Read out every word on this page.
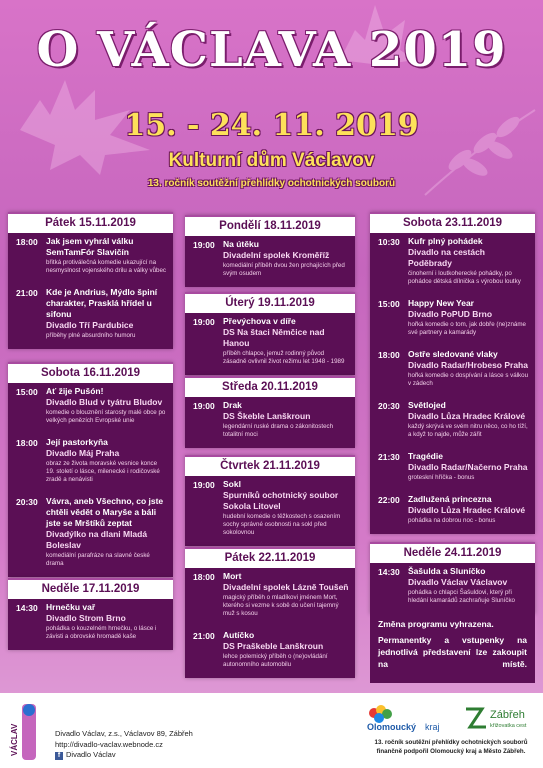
O VÁCLAVA 2019
15. - 24. 11. 2019
Kulturní dům Václavov
13. ročník soutěžní přehlídky ochotnických souborů
Pátek 15.11.2019
18:00 Jak jsem vyhrál válku SemTamFór Slavičín
břitká protiválečná komedie ukazující na nesmyslnost vojenského drilu a války vůbec
21:00 Kde je Andrius, Mýdlo špiní charakter, Prasklá hřídel u sifonu
Divadlo Tří Pardubice
příběhy plné absurdního humoru
Sobota 16.11.2019
15:00 Ať žije Pušón!
Divadlo Blud v tyátru Bludov
komedie o blouznění starosty malé obce po velkých penězích Evropské unie
18:00 Její pastorkyňa
Divadlo Máj Praha
obraz ze života moravské vesnice konce 19. století o lásce, milenecké i rodičovské zradě a nenávisti
20:30 Vávra, aneb Všechno, co jste chtěli vědět o Maryše a báli jste se Mrštíků zeptat
Divadýlko na dlani Mladá Boleslav
komediální parafráze na slavné české drama
Neděle 17.11.2019
14:30 Hrnečku vař
Divadlo Strom Brno
pohádka o kouzelném hrnečku, o lásce i závisti a obrovské hromadě kaše
Pondělí 18.11.2019
19:00 Na útěku
Divadelní spolek Kroměříž
komediální příběh dvou žen prchajících před svým osudem
Úterý 19.11.2019
19:00 Převýchova v díře
DS Na štaci Němčice nad Hanou
příběh chlapce, jemuž rodinný původ zásadně ovlivnil život režimu let 1948 - 1989
Středa 20.11.2019
19:00 Drak
DS Škeble Lanškroun
legendární ruské drama o zákonitostech totalitní moci
Čtvrtek 21.11.2019
19:00 Sokl
Spurníků ochotnický soubor Sokola Litovel
hudební komedie o těžkostech s osazením sochy správné osobnosti na sokl před sokolovnou
Pátek 22.11.2019
18:00 Mort
Divadelní spolek Lázně Toušeň
magický příběh o mladíkovi jménem Mort, kterého si vezme k sobě do učení tajemný muž s kosou
21:00 Autíčko
DS Praškeble Lanškroun
lehce polemický příběh o (ne)ovládání autonomního automobilu
Sobota 23.11.2019
10:30 Kufr plný pohádek
Divadlo na cestách Poděbrady
činoherní i loutkoherecké pohádky, po pohádce dětská dílnička s výrobou loutky
15:00 Happy New Year
Divadlo PoPUD Brno
hořká komedie o tom, jak dobře (ne)známe své partnery a kamarády
18:00 Ostře sledované vlaky
Divadlo Radar/Hrobeso Praha
hořká komedie o dospívání a lásce s válkou v zádech
20:30 Světlojed
Divadlo Lůza Hradec Králové
každý skrývá ve svém nitru něco, co ho tíží, a když to najde, může zářit
21:30 Tragédie
Divadlo Radar/Načerno Praha
groteskní hříčka - bonus
22:00 Zadlužená princezna
Divadlo Lůza Hradec Králové
pohádka na dobrou noc - bonus
Neděle 24.11.2019
14:30 Šašulda a Sluníčko
Divadlo Václav Václavov
pohádka o chlapci Šašuldovi, který při hledání kamarádů zachraňuje Sluníčko
Změna programu vyhrazena.
Permanentky a vstupenky na jednotlivá představení lze zakoupit na místě.
VÁCLAV	Divadlo Václav, z.s., Václavov 89, Zábřeh
http://divadlo-vaclav.webnode.cz
f Divadlo Václav
Olomoucký kraj
Zábřeh
křižovatka cest
13. ročník soutěžní přehlídky ochotnických souborů finančně podpořil Olomoucký kraj a Město Zábřeh.
